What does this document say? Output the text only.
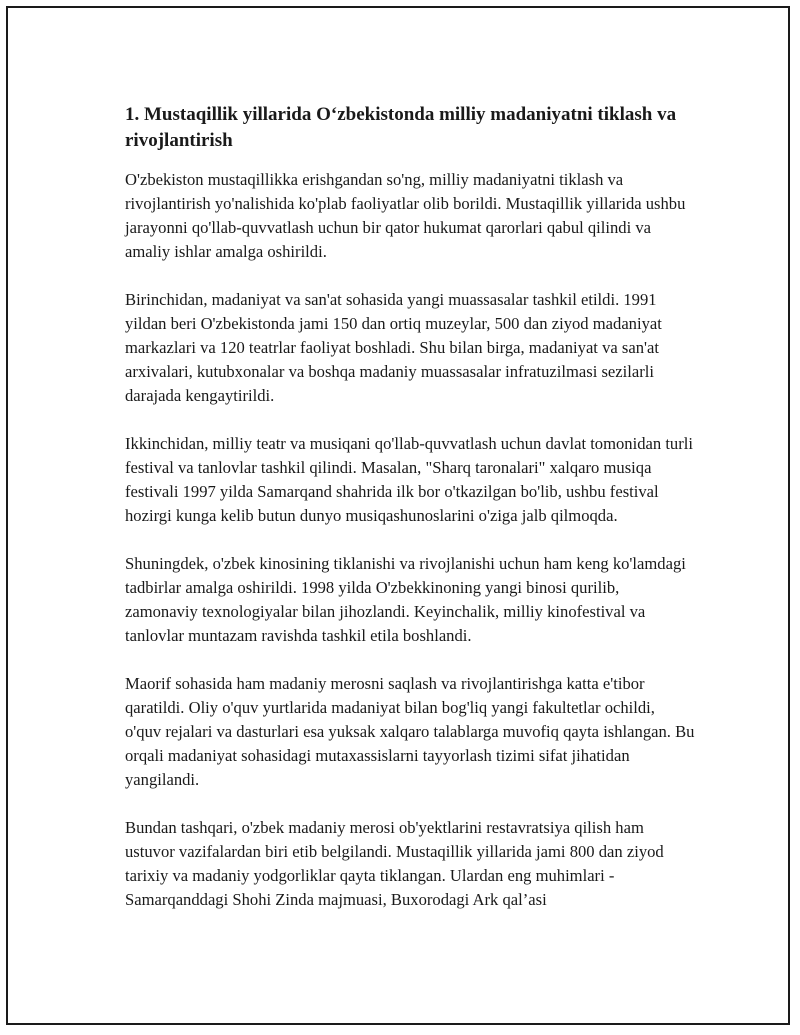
1. Mustaqillik yillarida O‘zbekistonda milliy madaniyatni tiklash va rivojlantirish

O'zbekiston mustaqillikka erishgandan so'ng, milliy madaniyatni tiklash va rivojlantirish yo'nalishida ko'plab faoliyatlar olib borildi. Mustaqillik yillarida ushbu jarayonni qo'llab-quvvatlash uchun bir qator hukumat qarorlari qabul qilindi va amaliy ishlar amalga oshirildi.

Birinchidan, madaniyat va san'at sohasida yangi muassasalar tashkil etildi. 1991 yildan beri O'zbekistonda jami 150 dan ortiq muzeylar, 500 dan ziyod madaniyat markazlari va 120 teatrlar faoliyat boshladi. Shu bilan birga, madaniyat va san'at arxivalari, kutubxonalar va boshqa madaniy muassasalar infratuzilmasi sezilarli darajada kengaytirildi.

Ikkinchidan, milliy teatr va musiqani qo'llab-quvvatlash uchun davlat tomonidan turli festival va tanlovlar tashkil qilindi. Masalan, "Sharq taronalari" xalqaro musiqa festivali 1997 yilda Samarqand shahrida ilk bor o'tkazilgan bo'lib, ushbu festival hozirgi kunga kelib butun dunyo musiqashunoslarini o'ziga jalb qilmoqda.

Shuningdek, o'zbek kinosining tiklanishi va rivojlanishi uchun ham keng ko'lamdagi tadbirlar amalga oshirildi. 1998 yilda O'zbekkinoning yangi binosi qurilib, zamonaviy texnologiyalar bilan jihozlandi. Keyinchalik, milliy kinofestival va tanlovlar muntazam ravishda tashkil etila boshlandi.

Maorif sohasida ham madaniy merosni saqlash va rivojlantirishga katta e'tibor qaratildi. Oliy o'quv yurtlarida madaniyat bilan bog'liq yangi fakultetlar ochildi, o'quv rejalari va dasturlari esa yuksak xalqaro talablarga muvofiq qayta ishlangan. Bu orqali madaniyat sohasidagi mutaxassislarni tayyorlash tizimi sifat jihatidan yangilandi.

Bundan tashqari, o'zbek madaniy merosi ob'yektlarini restavratsiya qilish ham ustuvor vazifalardan biri etib belgilandi. Mustaqillik yillarida jami 800 dan ziyod tarixiy va madaniy yodgorliklar qayta tiklangan. Ulardan eng muhimlari - Samarqanddagi Shohi Zinda majmuasi, Buxorodagi Ark qal’asi
